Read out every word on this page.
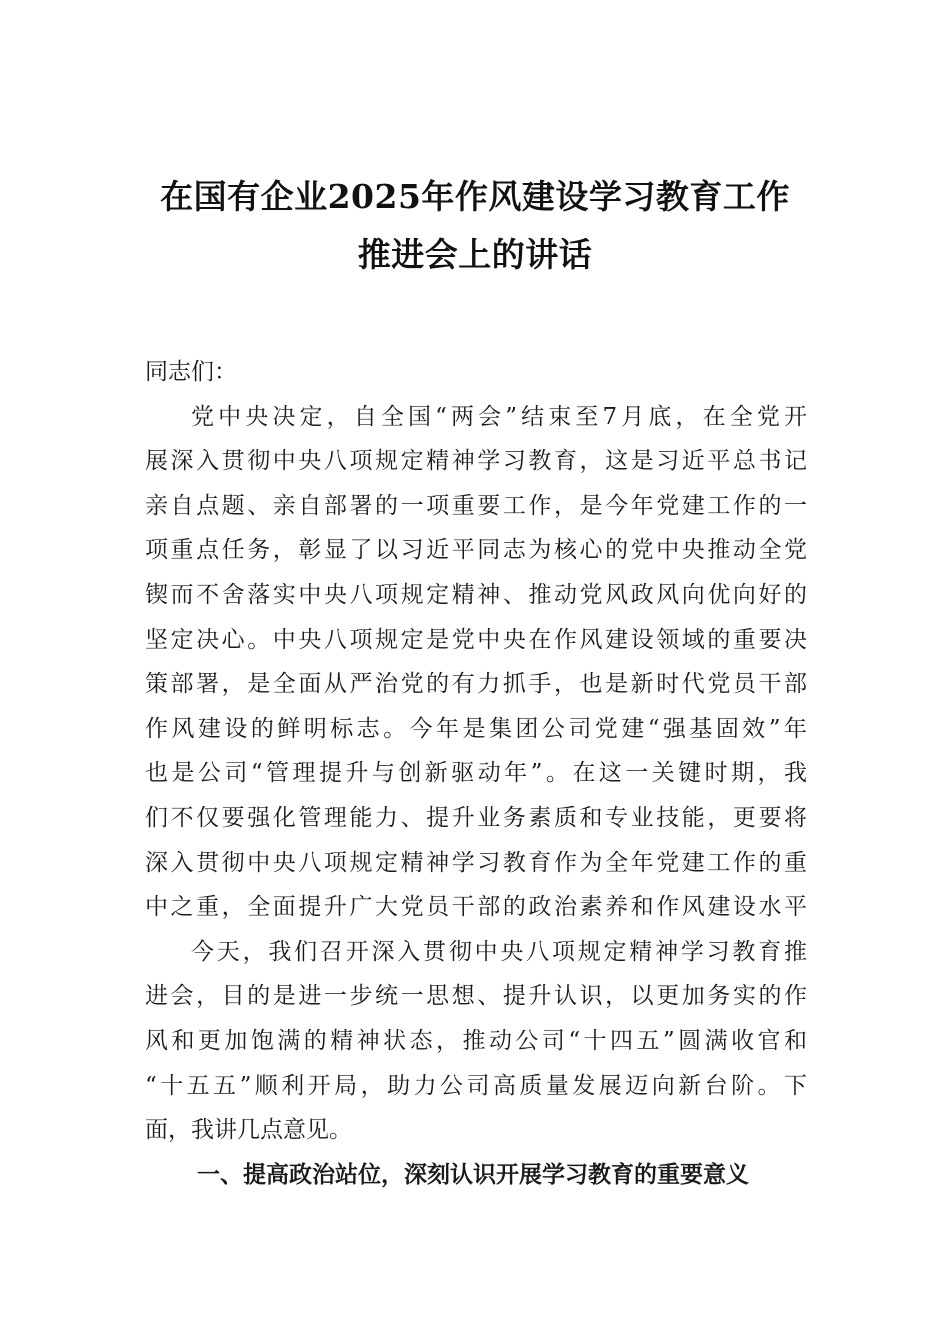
在国有企业2025年作风建设学习教育工作
推进会上的讲话
同志们：
党中央决定，自全国“两会”结束至7月底，在全党开
展深入贯彻中央八项规定精神学习教育，这是习近平总书记
亲自点题、亲自部署的一项重要工作，是今年党建工作的一
项重点任务，彰显了以习近平同志为核心的党中央推动全党
锲而不舍落实中央八项规定精神、推动党风政风向优向好的
坚定决心。中央八项规定是党中央在作风建设领域的重要决
策部署，是全面从严治党的有力抓手，也是新时代党员干部
作风建设的鲜明标志。今年是集团公司党建“强基固效”年
也是公司“管理提升与创新驱动年”。在这一关键时期，我
们不仅要强化管理能力、提升业务素质和专业技能，更要将
深入贯彻中央八项规定精神学习教育作为全年党建工作的重
中之重，全面提升广大党员干部的政治素养和作风建设水平
今天，我们召开深入贯彻中央八项规定精神学习教育推
进会，目的是进一步统一思想、提升认识，以更加务实的作
风和更加饱满的精神状态，推动公司“十四五”圆满收官和
“十五五”顺利开局，助力公司高质量发展迈向新台阶。下
面，我讲几点意见。
一、提高政治站位，深刻认识开展学习教育的重要意义
